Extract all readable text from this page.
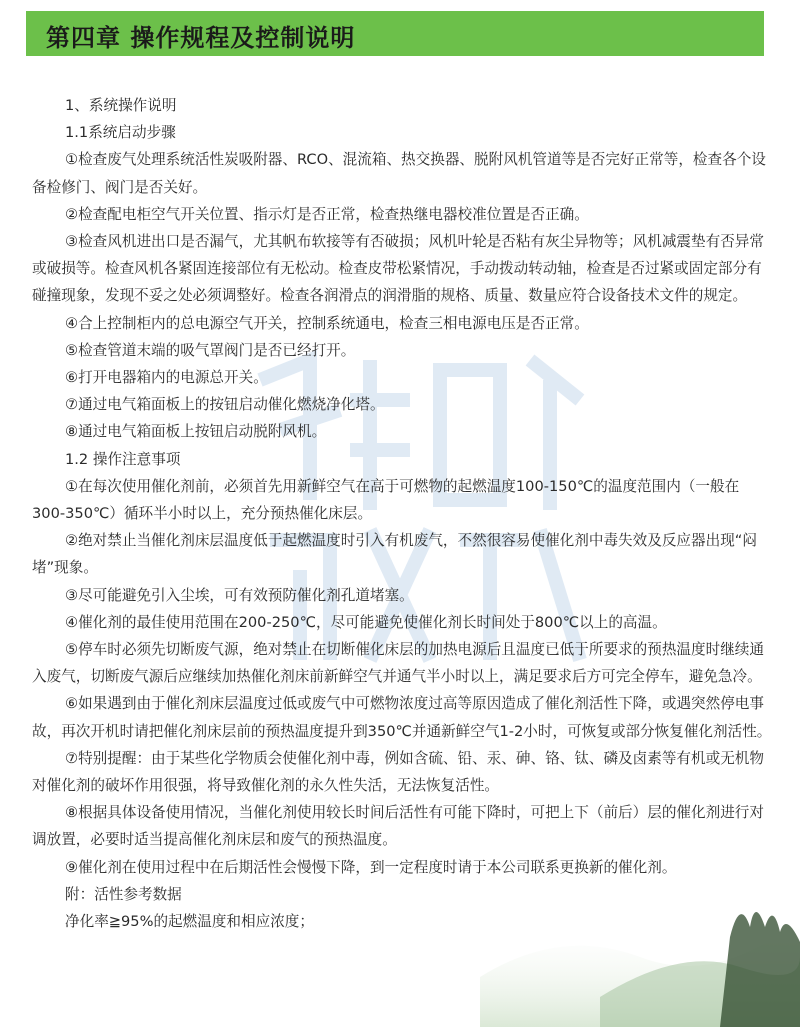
第四章 操作规程及控制说明

1、系统操作说明

1.1系统启动步骤

①检查废气处理系统活性炭吸附器、RCO、混流箱、热交换器、脱附风机管道等是否完好正常等，检查各个设备检修门、阀门是否关好。

②检查配电柜空气开关位置、指示灯是否正常，检查热继电器校准位置是否正确。

③检查风机进出口是否漏气，尤其帆布软接等有否破损；风机叶轮是否粘有灰尘异物等；风机减震垫有否异常或破损等。检查风机各紧固连接部位有无松动。检查皮带松紧情况，手动拨动转动轴，检查是否过紧或固定部分有碰撞现象，发现不妥之处必须调整好。检查各润滑点的润滑脂的规格、质量、数量应符合设备技术文件的规定。

④合上控制柜内的总电源空气开关，控制系统通电，检查三相电源电压是否正常。

⑤检查管道末端的吸气罩阀门是否已经打开。

⑥打开电器箱内的电源总开关。

⑦通过电气箱面板上的按钮启动催化燃烧净化塔。

⑧通过电气箱面板上按钮启动脱附风机。

1.2 操作注意事项

①在每次使用催化剂前，必须首先用新鲜空气在高于可燃物的起燃温度100-150℃的温度范围内（一般在300-350℃）循环半小时以上，充分预热催化床层。

②绝对禁止当催化剂床层温度低于起燃温度时引入有机废气，不然很容易使催化剂中毒失效及反应器出现“闷堵”现象。

③尽可能避免引入尘埃，可有效预防催化剂孔道堵塞。

④催化剂的最佳使用范围在200-250℃，尽可能避免使催化剂长时间处于800℃以上的高温。

⑤停车时必须先切断废气源，绝对禁止在切断催化床层的加热电源后且温度已低于所要求的预热温度时继续通入废气，切断废气源后应继续加热催化剂床前新鲜空气并通气半小时以上，满足要求后方可完全停车，避免急冷。

⑥如果遇到由于催化剂床层温度过低或废气中可燃物浓度过高等原因造成了催化剂活性下降，或遇突然停电事故，再次开机时请把催化剂床层前的预热温度提升到350℃并通新鲜空气1-2小时，可恢复或部分恢复催化剂活性。

⑦特别提醒：由于某些化学物质会使催化剂中毒，例如含硫、铅、汞、砷、铬、钛、磷及卤素等有机或无机物对催化剂的破坏作用很强，将导致催化剂的永久性失活，无法恢复活性。

⑧根据具体设备使用情况，当催化剂使用较长时间后活性有可能下降时，可把上下（前后）层的催化剂进行对调放置，必要时适当提高催化剂床层和废气的预热温度。

⑨催化剂在使用过程中在后期活性会慢慢下降，到一定程度时请于本公司联系更换新的催化剂。

附：活性参考数据

净化率≧95%的起燃温度和相应浓度；
